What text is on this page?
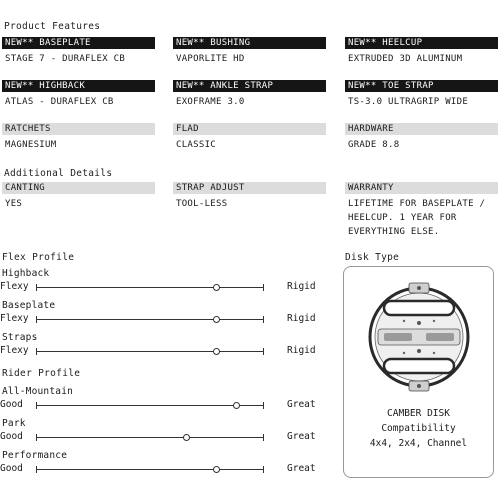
Product Features
NEW** BASEPLATE
STAGE 7 - DURAFLEX CB
NEW** BUSHING
VAPORLITE HD
NEW** HEELCUP
EXTRUDED 3D ALUMINUM
NEW** HIGHBACK
ATLAS - DURAFLEX CB
NEW** ANKLE STRAP
EXOFRAME 3.0
NEW** TOE STRAP
TS-3.0 ULTRAGRIP WIDE
RATCHETS
MAGNESIUM
FLAD
CLASSIC
HARDWARE
GRADE 8.8
Additional Details
CANTING
YES
STRAP ADJUST
TOOL-LESS
WARRANTY
LIFETIME FOR BASEPLATE / HEELCUP. 1 YEAR FOR EVERYTHING ELSE.
Flex Profile
Highback
Flexy	Rigid
Baseplate
Flexy	Rigid
Straps
Flexy	Rigid
Rider Profile
All-Mountain
Good	Great
Park
Good	Great
Performance
Good	Great
Disk Type
CAMBER DISK
Compatibility
4x4, 2x4, Channel
